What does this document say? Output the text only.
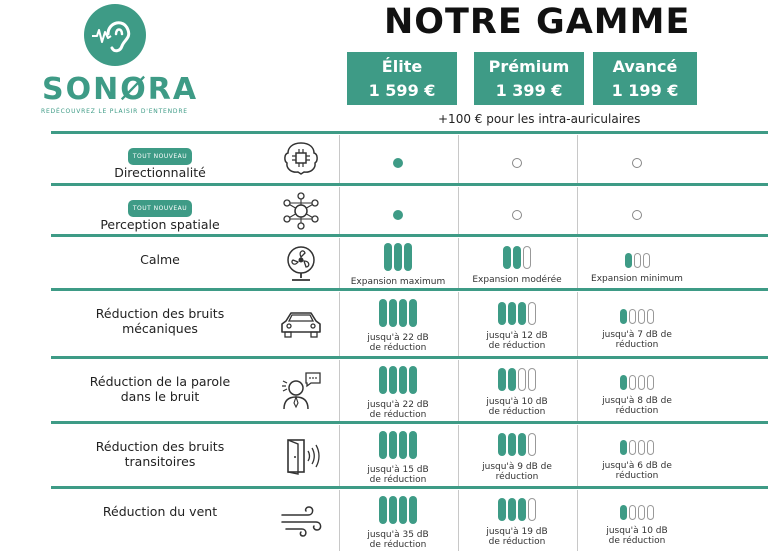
SONØRA
REDÉCOUVREZ LE PLAISIR D'ENTENDRE
NOTRE GAMME
Élite
1 599 €
Prémium
1 399 €
Avancé
1 199 €
+100 € pour les intra-auriculaires
TOUT NOUVEAU
Directionnalité
TOUT NOUVEAU
Perception spatiale
Calme
Expansion maximum	Expansion modérée	Expansion minimum
Réduction des bruits mécaniques
jusqu'à 22 dB de réduction
jusqu'à 12 dB de réduction
jusqu'à 7 dB de réduction
Réduction de la parole dans le bruit
jusqu'à 22 dB de réduction
jusqu'à 10 dB de réduction
jusqu'à 8 dB de réduction
Réduction des bruits transitoires
jusqu'à 15 dB de réduction
jusqu'à 9 dB de réduction
jusqu'à 6 dB de réduction
Réduction du vent
jusqu'à 35 dB de réduction
jusqu'à 19 dB de réduction
jusqu'à 10 dB de réduction
